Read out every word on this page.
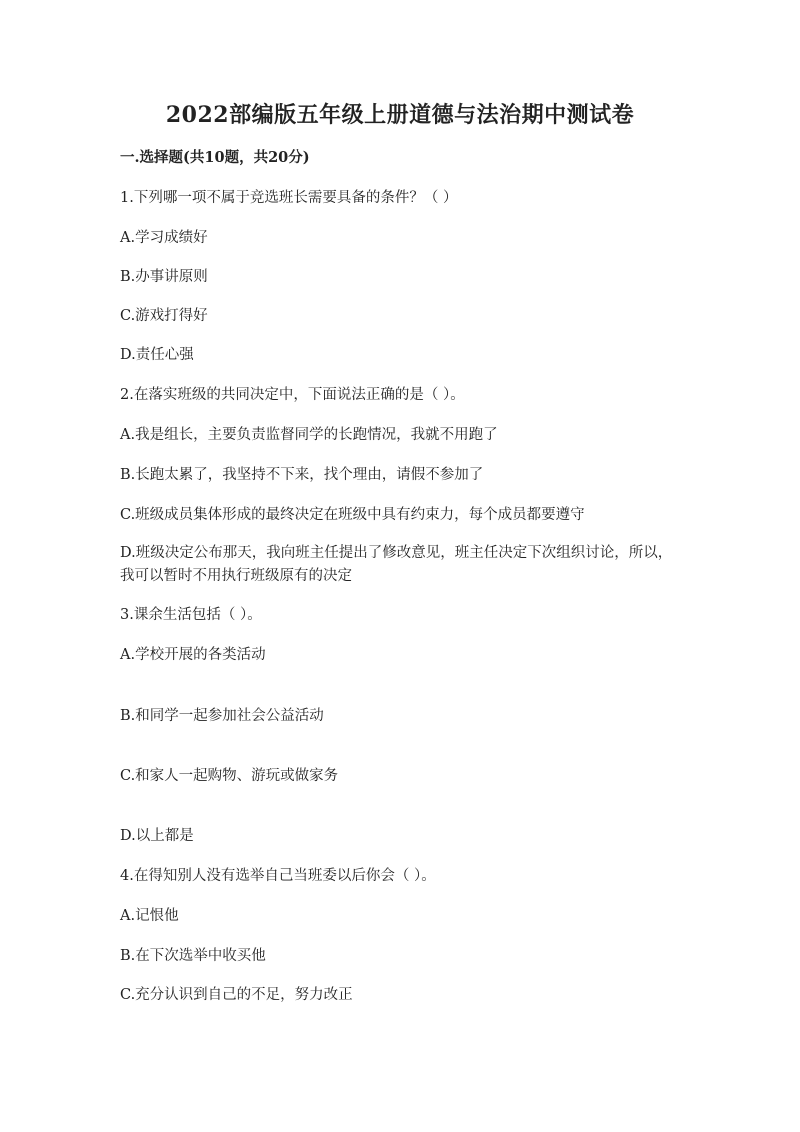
2022部编版五年级上册道德与法治期中测试卷
一.选择题(共10题，共20分)
1.下列哪一项不属于竞选班长需要具备的条件？（ ）
A.学习成绩好
B.办事讲原则
C.游戏打得好
D.责任心强
2.在落实班级的共同决定中，下面说法正确的是（ ）。
A.我是组长，主要负责监督同学的长跑情况，我就不用跑了
B.长跑太累了，我坚持不下来，找个理由，请假不参加了
C.班级成员集体形成的最终决定在班级中具有约束力，每个成员都要遵守
D.班级决定公布那天，我向班主任提出了修改意见，班主任决定下次组织讨论，所以，我可以暂时不用执行班级原有的决定
3.课余生活包括（ ）。
A.学校开展的各类活动
B.和同学一起参加社会公益活动
C.和家人一起购物、游玩或做家务
D.以上都是
4.在得知别人没有选举自己当班委以后你会（ ）。
A.记恨他
B.在下次选举中收买他
C.充分认识到自己的不足，努力改正
